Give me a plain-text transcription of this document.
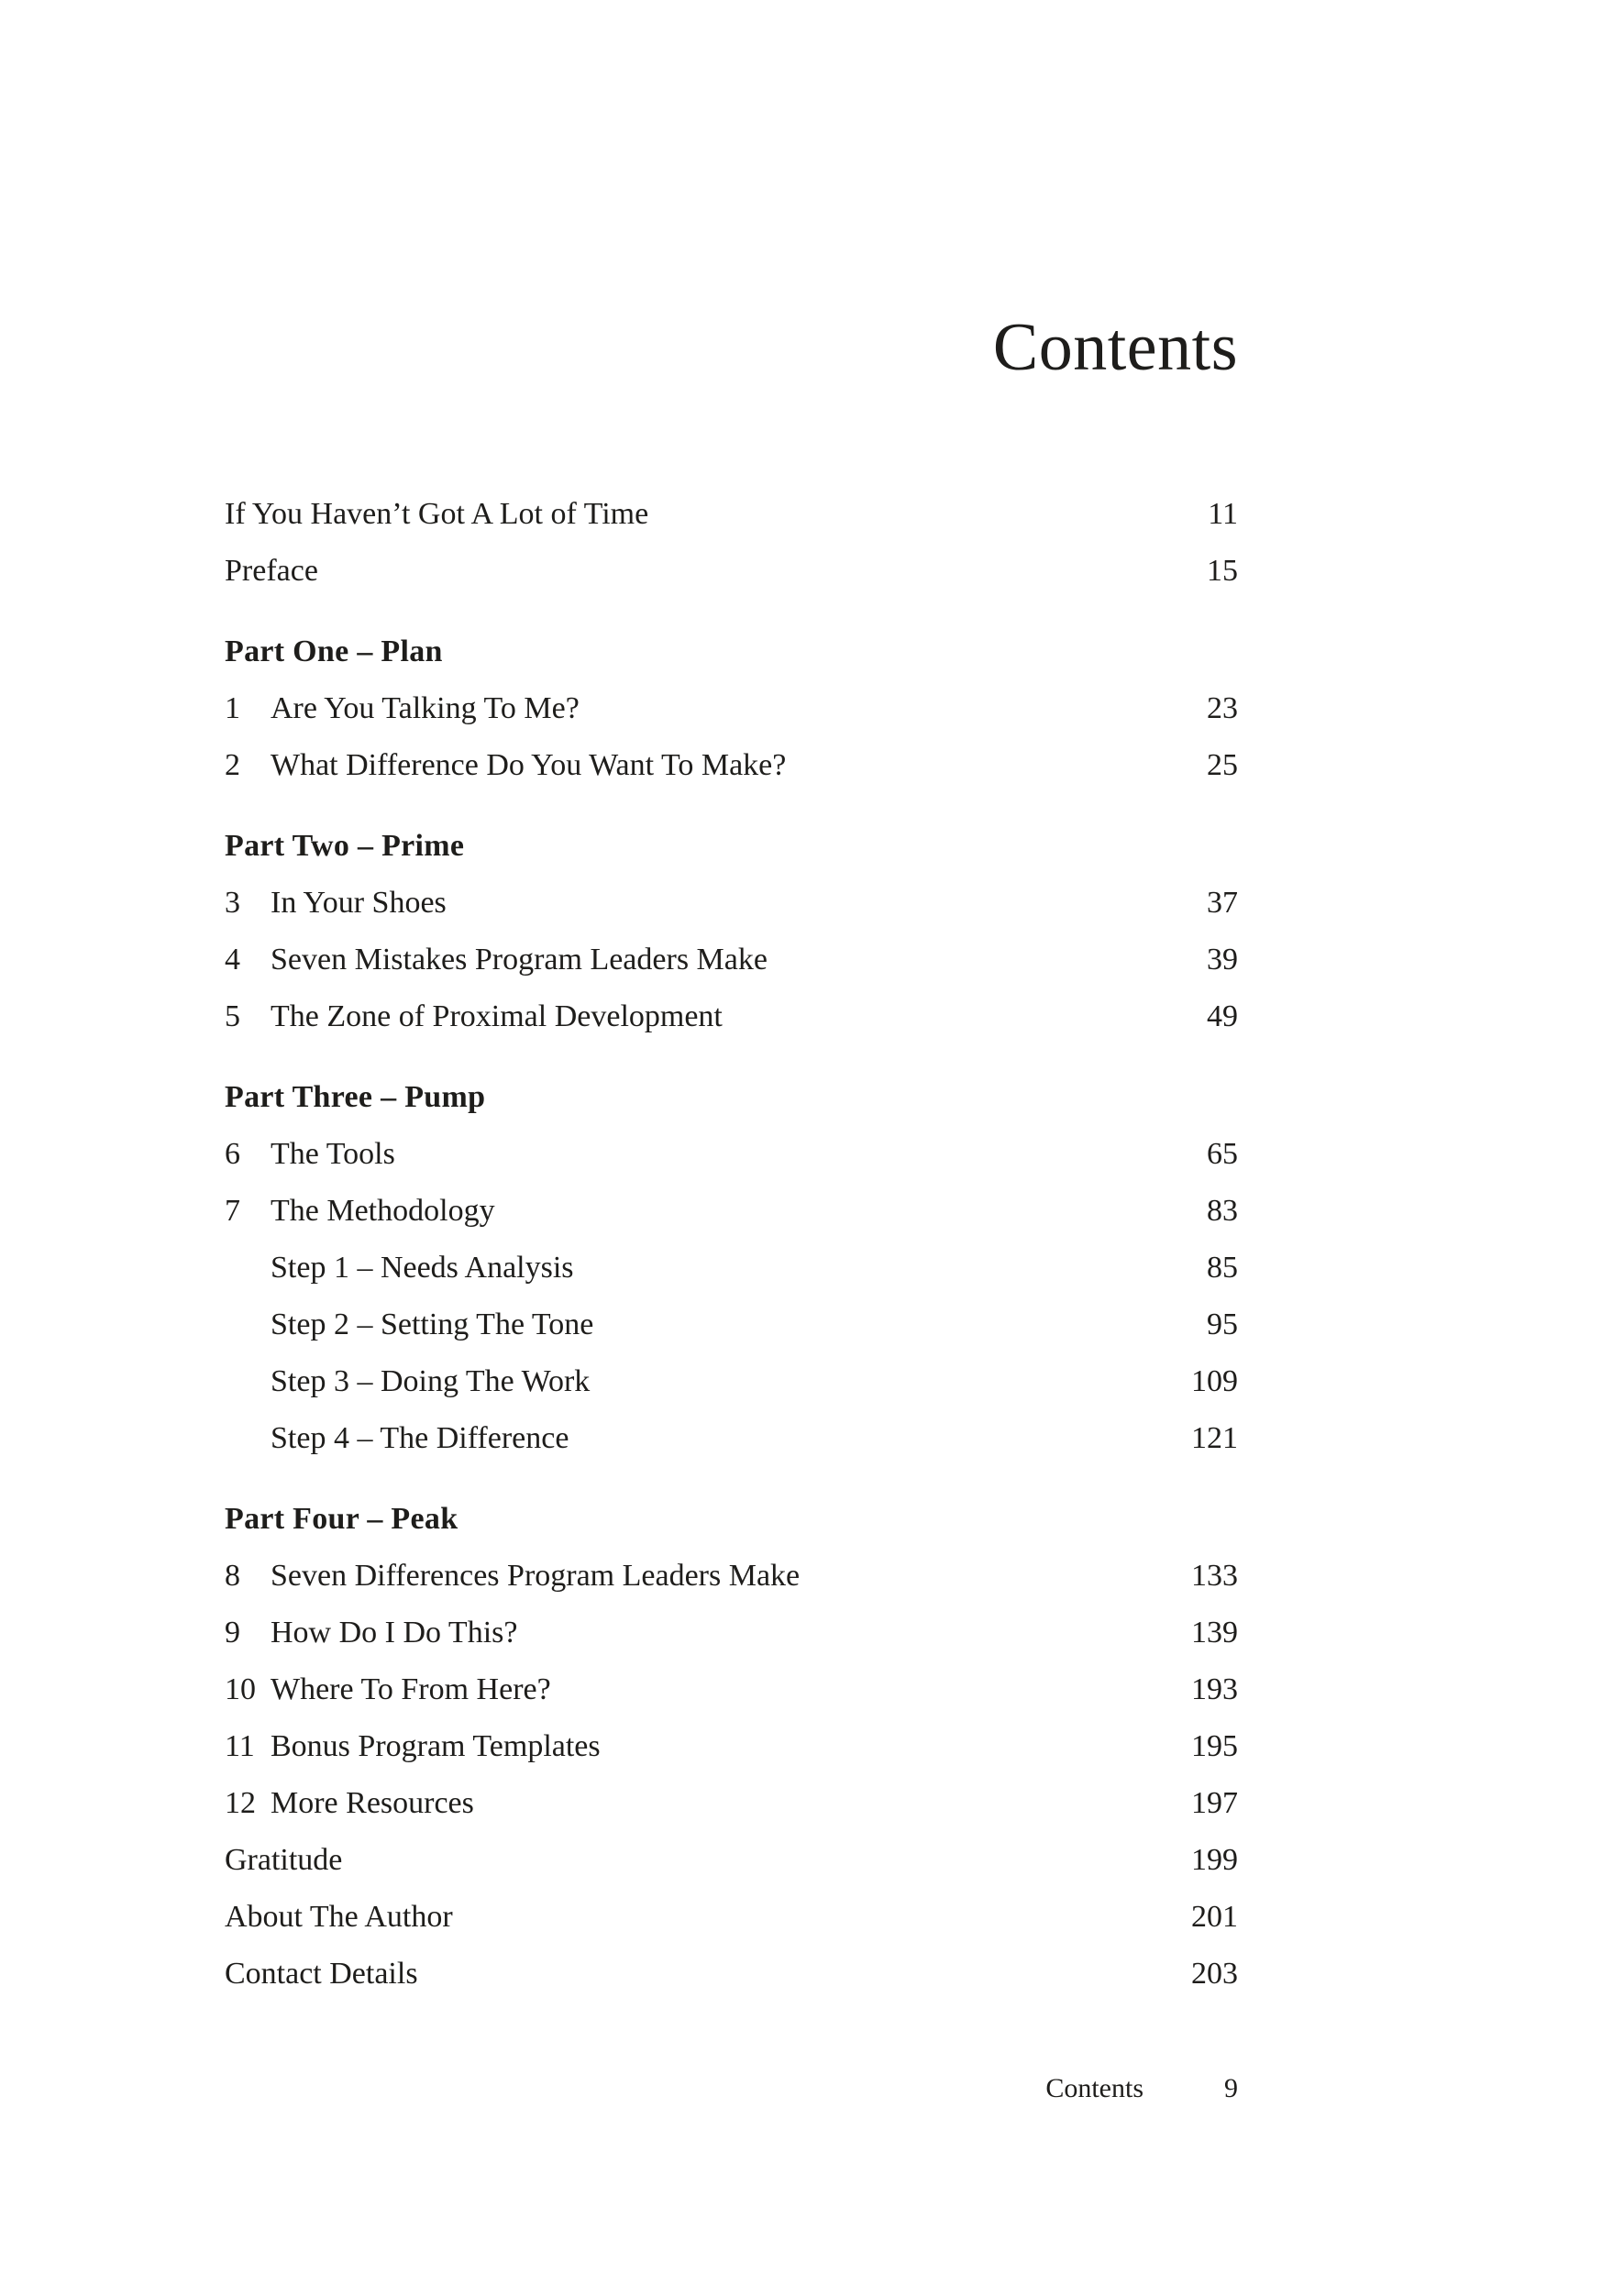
Contents
If You Haven’t Got A Lot of Time	11
Preface	15
Part One – Plan
1 Are You Talking To Me?	23
2 What Difference Do You Want To Make?	25
Part Two – Prime
3 In Your Shoes	37
4 Seven Mistakes Program Leaders Make	39
5 The Zone of Proximal Development	49
Part Three – Pump
6 The Tools	65
7 The Methodology	83
Step 1 – Needs Analysis	85
Step 2 – Setting The Tone	95
Step 3 – Doing The Work	109
Step 4 – The Difference	121
Part Four – Peak
8 Seven Differences Program Leaders Make	133
9 How Do I Do This?	139
10 Where To From Here?	193
11 Bonus Program Templates	195
12 More Resources	197
Gratitude	199
About The Author	201
Contact Details	203
Contents	9
